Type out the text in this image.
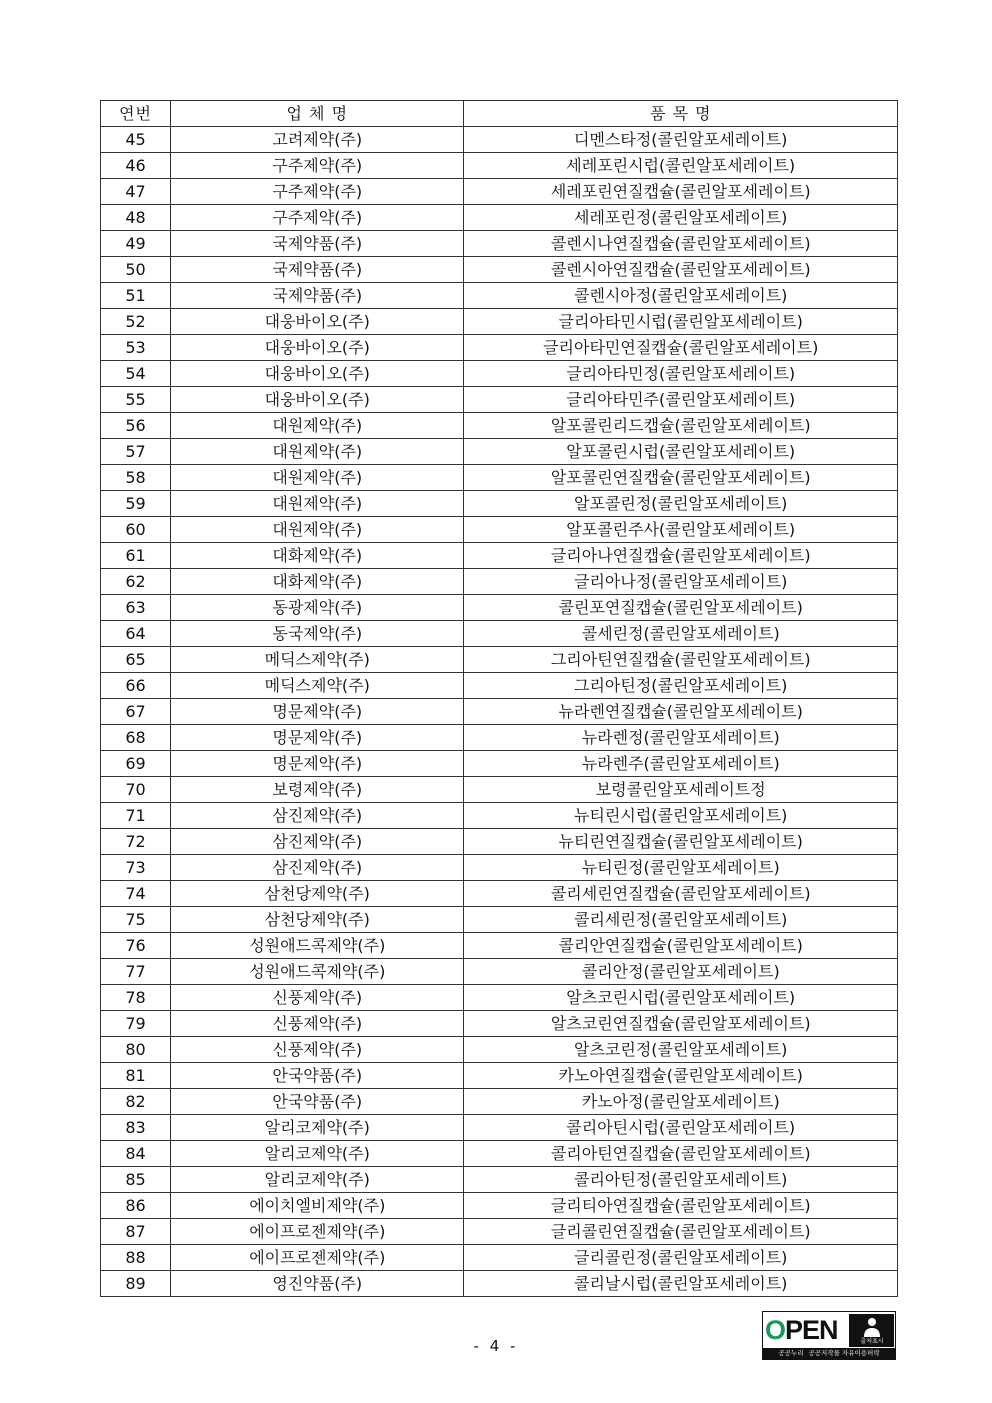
연번	업 체 명	품 목 명
45	고려제약(주)	디멘스타정(콜린알포세레이트)
46	구주제약(주)	세레포린시럽(콜린알포세레이트)
47	구주제약(주)	세레포린연질캡슐(콜린알포세레이트)
48	구주제약(주)	세레포린정(콜린알포세레이트)
49	국제약품(주)	콜렌시나연질캡슐(콜린알포세레이트)
50	국제약품(주)	콜렌시아연질캡슐(콜린알포세레이트)
51	국제약품(주)	콜렌시아정(콜린알포세레이트)
52	대웅바이오(주)	글리아타민시럽(콜린알포세레이트)
53	대웅바이오(주)	글리아타민연질캡슐(콜린알포세레이트)
54	대웅바이오(주)	글리아타민정(콜린알포세레이트)
55	대웅바이오(주)	글리아타민주(콜린알포세레이트)
56	대원제약(주)	알포콜린리드캡슐(콜린알포세레이트)
57	대원제약(주)	알포콜린시럽(콜린알포세레이트)
58	대원제약(주)	알포콜린연질캡슐(콜린알포세레이트)
59	대원제약(주)	알포콜린정(콜린알포세레이트)
60	대원제약(주)	알포콜린주사(콜린알포세레이트)
61	대화제약(주)	글리아나연질캡슐(콜린알포세레이트)
62	대화제약(주)	글리아나정(콜린알포세레이트)
63	동광제약(주)	콜린포연질캡슐(콜린알포세레이트)
64	동국제약(주)	콜세린정(콜린알포세레이트)
65	메딕스제약(주)	그리아틴연질캡슐(콜린알포세레이트)
66	메딕스제약(주)	그리아틴정(콜린알포세레이트)
67	명문제약(주)	뉴라렌연질캡슐(콜린알포세레이트)
68	명문제약(주)	뉴라렌정(콜린알포세레이트)
69	명문제약(주)	뉴라렌주(콜린알포세레이트)
70	보령제약(주)	보령콜린알포세레이트정
71	삼진제약(주)	뉴티린시럽(콜린알포세레이트)
72	삼진제약(주)	뉴티린연질캡슐(콜린알포세레이트)
73	삼진제약(주)	뉴티린정(콜린알포세레이트)
74	삼천당제약(주)	콜리세린연질캡슐(콜린알포세레이트)
75	삼천당제약(주)	콜리세린정(콜린알포세레이트)
76	성원애드콕제약(주)	콜리안연질캡슐(콜린알포세레이트)
77	성원애드콕제약(주)	콜리안정(콜린알포세레이트)
78	신풍제약(주)	알츠코린시럽(콜린알포세레이트)
79	신풍제약(주)	알츠코린연질캡슐(콜린알포세레이트)
80	신풍제약(주)	알츠코린정(콜린알포세레이트)
81	안국약품(주)	카노아연질캡슐(콜린알포세레이트)
82	안국약품(주)	카노아정(콜린알포세레이트)
83	알리코제약(주)	콜리아틴시럽(콜린알포세레이트)
84	알리코제약(주)	콜리아틴연질캡슐(콜린알포세레이트)
85	알리코제약(주)	콜리아틴정(콜린알포세레이트)
86	에이치엘비제약(주)	글리티아연질캡슐(콜린알포세레이트)
87	에이프로젠제약(주)	글리콜린연질캡슐(콜린알포세레이트)
88	에이프로젠제약(주)	글리콜린정(콜린알포세레이트)
89	영진약품(주)	콜리날시럽(콜린알포세레이트)
- 4 -
OPEN	출처표시
공공누리 공공저작물 자유이용허락
